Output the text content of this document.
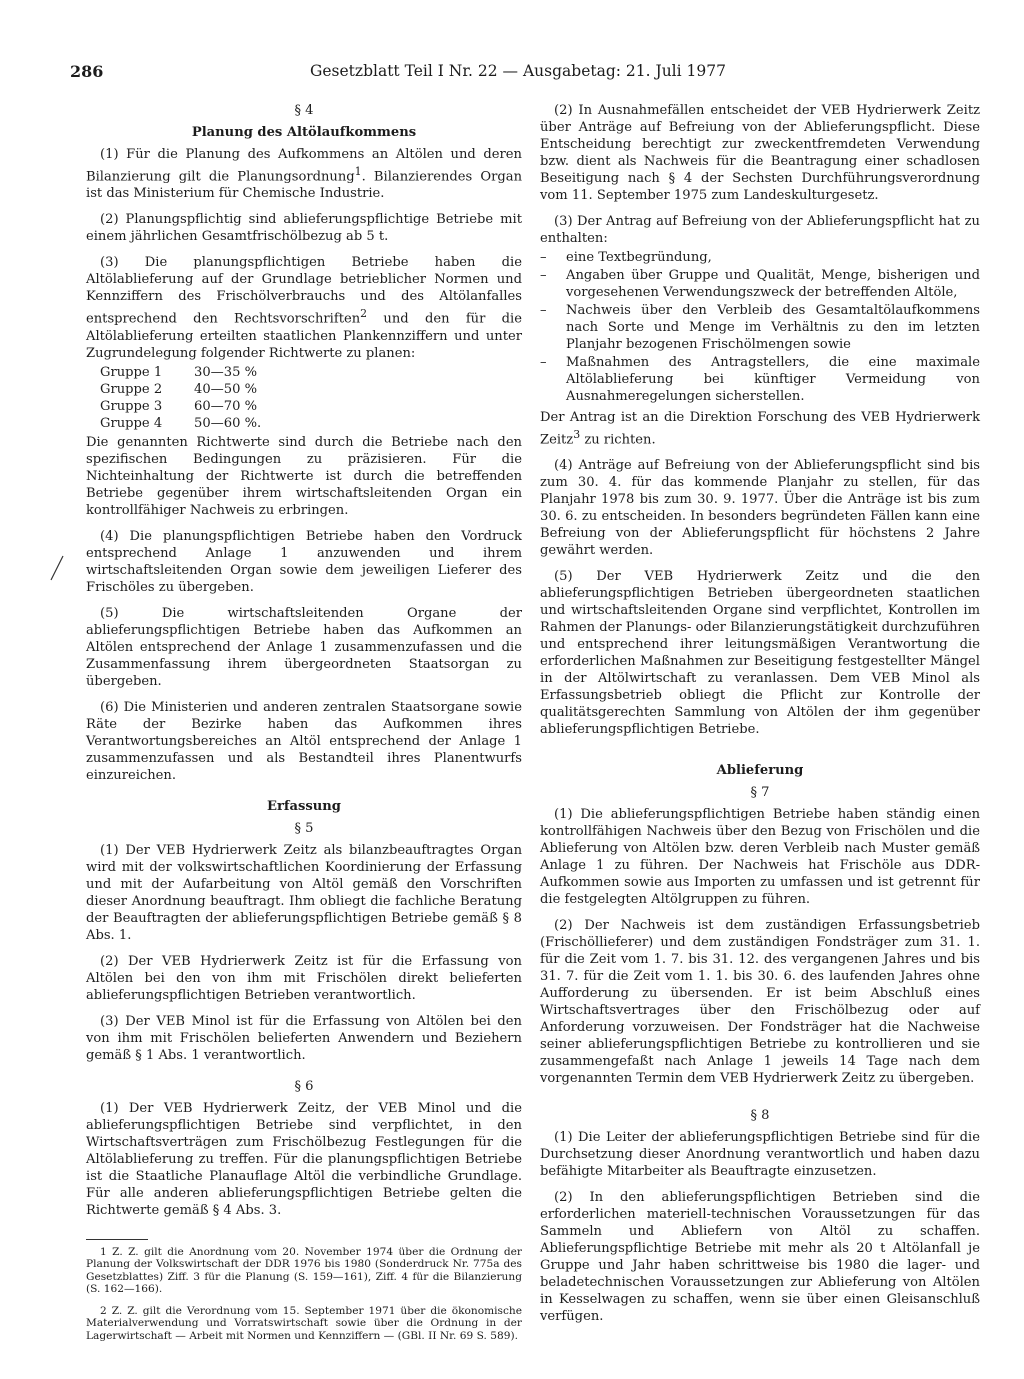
286	Gesetzblatt Teil I Nr. 22 — Ausgabetag: 21. Juli 1977
§ 4
Planung des Altölaufkommens

(1) Für die Planung des Aufkommens an Altölen und deren Bilanzierung gilt die Planungsordnung$^1$. Bilanzierendes Organ ist das Ministerium für Chemische Industrie.

(2) Planungspflichtig sind ablieferungspflichtige Betriebe mit einem jährlichen Gesamtfrischölbezug ab 5 t.

(3) Die planungspflichtigen Betriebe haben die Altölablieferung auf der Grundlage betrieblicher Normen und Kennziffern des Frischölverbrauchs und des Altölanfalles entsprechend den Rechtsvorschriften$^2$ und den für die Altölablieferung erteilten staatlichen Plankennziffern und unter Zugrundelegung folgender Richtwerte zu planen:

Gruppe 1	30—35 %
Gruppe 2	40—50 %
Gruppe 3	60—70 %
Gruppe 4	50—60 %.

Die genannten Richtwerte sind durch die Betriebe nach den spezifischen Bedingungen zu präzisieren. Für die Nichteinhaltung der Richtwerte ist durch die betreffenden Betriebe gegenüber ihrem wirtschaftsleitenden Organ ein kontrollfähiger Nachweis zu erbringen.

(4) Die planungspflichtigen Betriebe haben den Vordruck entsprechend Anlage 1 anzuwenden und ihrem wirtschaftsleitenden Organ sowie dem jeweiligen Lieferer des Frischöles zu übergeben.

(5) Die wirtschaftsleitenden Organe der ablieferungspflichtigen Betriebe haben das Aufkommen an Altölen entsprechend der Anlage 1 zusammenzufassen und die Zusammenfassung ihrem übergeordneten Staatsorgan zu übergeben.

(6) Die Ministerien und anderen zentralen Staatsorgane sowie Räte der Bezirke haben das Aufkommen ihres Verantwortungsbereiches an Altöl entsprechend der Anlage 1 zusammenzufassen und als Bestandteil ihres Planentwurfs einzureichen.

Erfassung
§ 5

(1) Der VEB Hydrierwerk Zeitz als bilanzbeauftragtes Organ wird mit der volkswirtschaftlichen Koordinierung der Erfassung und mit der Aufarbeitung von Altöl gemäß den Vorschriften dieser Anordnung beauftragt. Ihm obliegt die fachliche Beratung der Beauftragten der ablieferungspflichtigen Betriebe gemäß § 8 Abs. 1.

(2) Der VEB Hydrierwerk Zeitz ist für die Erfassung von Altölen bei den von ihm mit Frischölen direkt belieferten ablieferungspflichtigen Betrieben verantwortlich.

(3) Der VEB Minol ist für die Erfassung von Altölen bei den von ihm mit Frischölen belieferten Anwendern und Beziehern gemäß § 1 Abs. 1 verantwortlich.

§ 6

(1) Der VEB Hydrierwerk Zeitz, der VEB Minol und die ablieferungspflichtigen Betriebe sind verpflichtet, in den Wirtschaftsverträgen zum Frischölbezug Festlegungen für die Altölablieferung zu treffen. Für die planungspflichtigen Betriebe ist die Staatliche Planauflage Altöl die verbindliche Grundlage. Für alle anderen ablieferungspflichtigen Betriebe gelten die Richtwerte gemäß § 4 Abs. 3.

1 Z. Z. gilt die Anordnung vom 20. November 1974 über die Ordnung der Planung der Volkswirtschaft der DDR 1976 bis 1980 (Sonderdruck Nr. 775a des Gesetzblattes) Ziff. 3 für die Planung (S. 159—161), Ziff. 4 für die Bilanzierung (S. 162—166).

2 Z. Z. gilt die Verordnung vom 15. September 1971 über die ökonomische Materialverwendung und Vorratswirtschaft sowie über die Ordnung in der Lagerwirtschaft — Arbeit mit Normen und Kennziffern — (GBl. II Nr. 69 S. 589).

(2) In Ausnahmefällen entscheidet der VEB Hydrierwerk Zeitz über Anträge auf Befreiung von der Ablieferungspflicht. Diese Entscheidung berechtigt zur zweckentfremdeten Verwendung bzw. dient als Nachweis für die Beantragung einer schadlosen Beseitigung nach § 4 der Sechsten Durchführungsverordnung vom 11. September 1975 zum Landeskulturgesetz.

(3) Der Antrag auf Befreiung von der Ablieferungspflicht hat zu enthalten:

– eine Textbegründung,
– Angaben über Gruppe und Qualität, Menge, bisherigen und vorgesehenen Verwendungszweck der betreffenden Altöle,
– Nachweis über den Verbleib des Gesamtaltölaufkommens nach Sorte und Menge im Verhältnis zu den im letzten Planjahr bezogenen Frischölmengen sowie
– Maßnahmen des Antragstellers, die eine maximale Altölablieferung bei künftiger Vermeidung von Ausnahmeregelungen sicherstellen.

Der Antrag ist an die Direktion Forschung des VEB Hydrierwerk Zeitz$^3$ zu richten.

(4) Anträge auf Befreiung von der Ablieferungspflicht sind bis zum 30. 4. für das kommende Planjahr zu stellen, für das Planjahr 1978 bis zum 30. 9. 1977. Über die Anträge ist bis zum 30. 6. zu entscheiden. In besonders begründeten Fällen kann eine Befreiung von der Ablieferungspflicht für höchstens 2 Jahre gewährt werden.

(5) Der VEB Hydrierwerk Zeitz und die den ablieferungspflichtigen Betrieben übergeordneten staatlichen und wirtschaftsleitenden Organe sind verpflichtet, Kontrollen im Rahmen der Planungs- oder Bilanzierungstätigkeit durchzuführen und entsprechend ihrer leitungsmäßigen Verantwortung die erforderlichen Maßnahmen zur Beseitigung festgestellter Mängel in der Altölwirtschaft zu veranlassen. Dem VEB Minol als Erfassungsbetrieb obliegt die Pflicht zur Kontrolle der qualitätsgerechten Sammlung von Altölen der ihm gegenüber ablieferungspflichtigen Betriebe.

Ablieferung
§ 7

(1) Die ablieferungspflichtigen Betriebe haben ständig einen kontrollfähigen Nachweis über den Bezug von Frischölen und die Ablieferung von Altölen bzw. deren Verbleib nach Muster gemäß Anlage 1 zu führen. Der Nachweis hat Frischöle aus DDR-Aufkommen sowie aus Importen zu umfassen und ist getrennt für die festgelegten Altölgruppen zu führen.

(2) Der Nachweis ist dem zuständigen Erfassungsbetrieb (Frischöllieferer) und dem zuständigen Fondsträger zum 31. 1. für die Zeit vom 1. 7. bis 31. 12. des vergangenen Jahres und bis 31. 7. für die Zeit vom 1. 1. bis 30. 6. des laufenden Jahres ohne Aufforderung zu übersenden. Er ist beim Abschluß eines Wirtschaftsvertrages über den Frischölbezug oder auf Anforderung vorzuweisen. Der Fondsträger hat die Nachweise seiner ablieferungspflichtigen Betriebe zu kontrollieren und sie zusammengefaßt nach Anlage 1 jeweils 14 Tage nach dem vorgenannten Termin dem VEB Hydrierwerk Zeitz zu übergeben.

§ 8

(1) Die Leiter der ablieferungspflichtigen Betriebe sind für die Durchsetzung dieser Anordnung verantwortlich und haben dazu befähigte Mitarbeiter als Beauftragte einzusetzen.

(2) In den ablieferungspflichtigen Betrieben sind die erforderlichen materiell-technischen Voraussetzungen für das Sammeln und Abliefern von Altöl zu schaffen. Ablieferungspflichtige Betriebe mit mehr als 20 t Altölanfall je Gruppe und Jahr haben schrittweise bis 1980 die lager- und beladetechnischen Voraussetzungen zur Ablieferung von Altölen in Kesselwagen zu schaffen, wenn sie über einen Gleisanschluß verfügen.
